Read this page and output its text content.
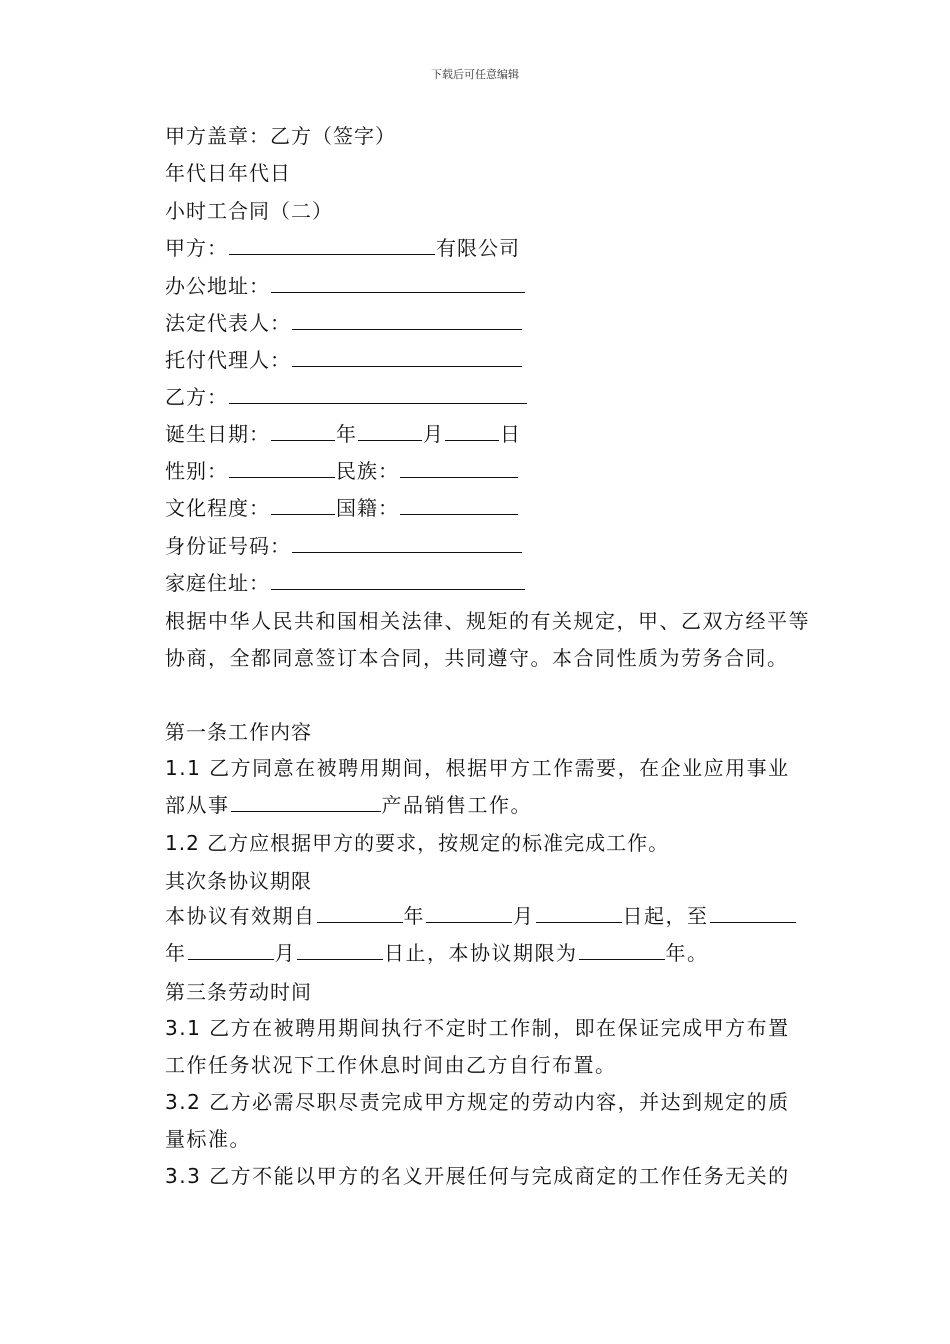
下载后可任意编辑
甲方盖章：乙方（签字）
年代日年代日
小时工合同（二）
甲方：	有限公司
办公地址：
法定代表人：
托付代理人：
乙方：
诞生日期：	年	月	日
性别：	民族：
文化程度：	国籍：
身份证号码：
家庭住址：
根据中华人民共和国相关法律、规矩的有关规定，甲、乙双方经平等协商，全都同意签订本合同，共同遵守。本合同性质为劳务合同。
第一条工作内容
1.1 乙方同意在被聘用期间，根据甲方工作需要，在企业应用事业部从事	产品销售工作。
1.2 乙方应根据甲方的要求，按规定的标准完成工作。
其次条协议期限
本协议有效期自	年	月	日起，至年	月	日止，本协议期限为	年。
第三条劳动时间
3.1 乙方在被聘用期间执行不定时工作制，即在保证完成甲方布置工作任务状况下工作休息时间由乙方自行布置。
3.2 乙方必需尽职尽责完成甲方规定的劳动内容，并达到规定的质量标准。
3.3 乙方不能以甲方的名义开展任何与完成商定的工作任务无关的
